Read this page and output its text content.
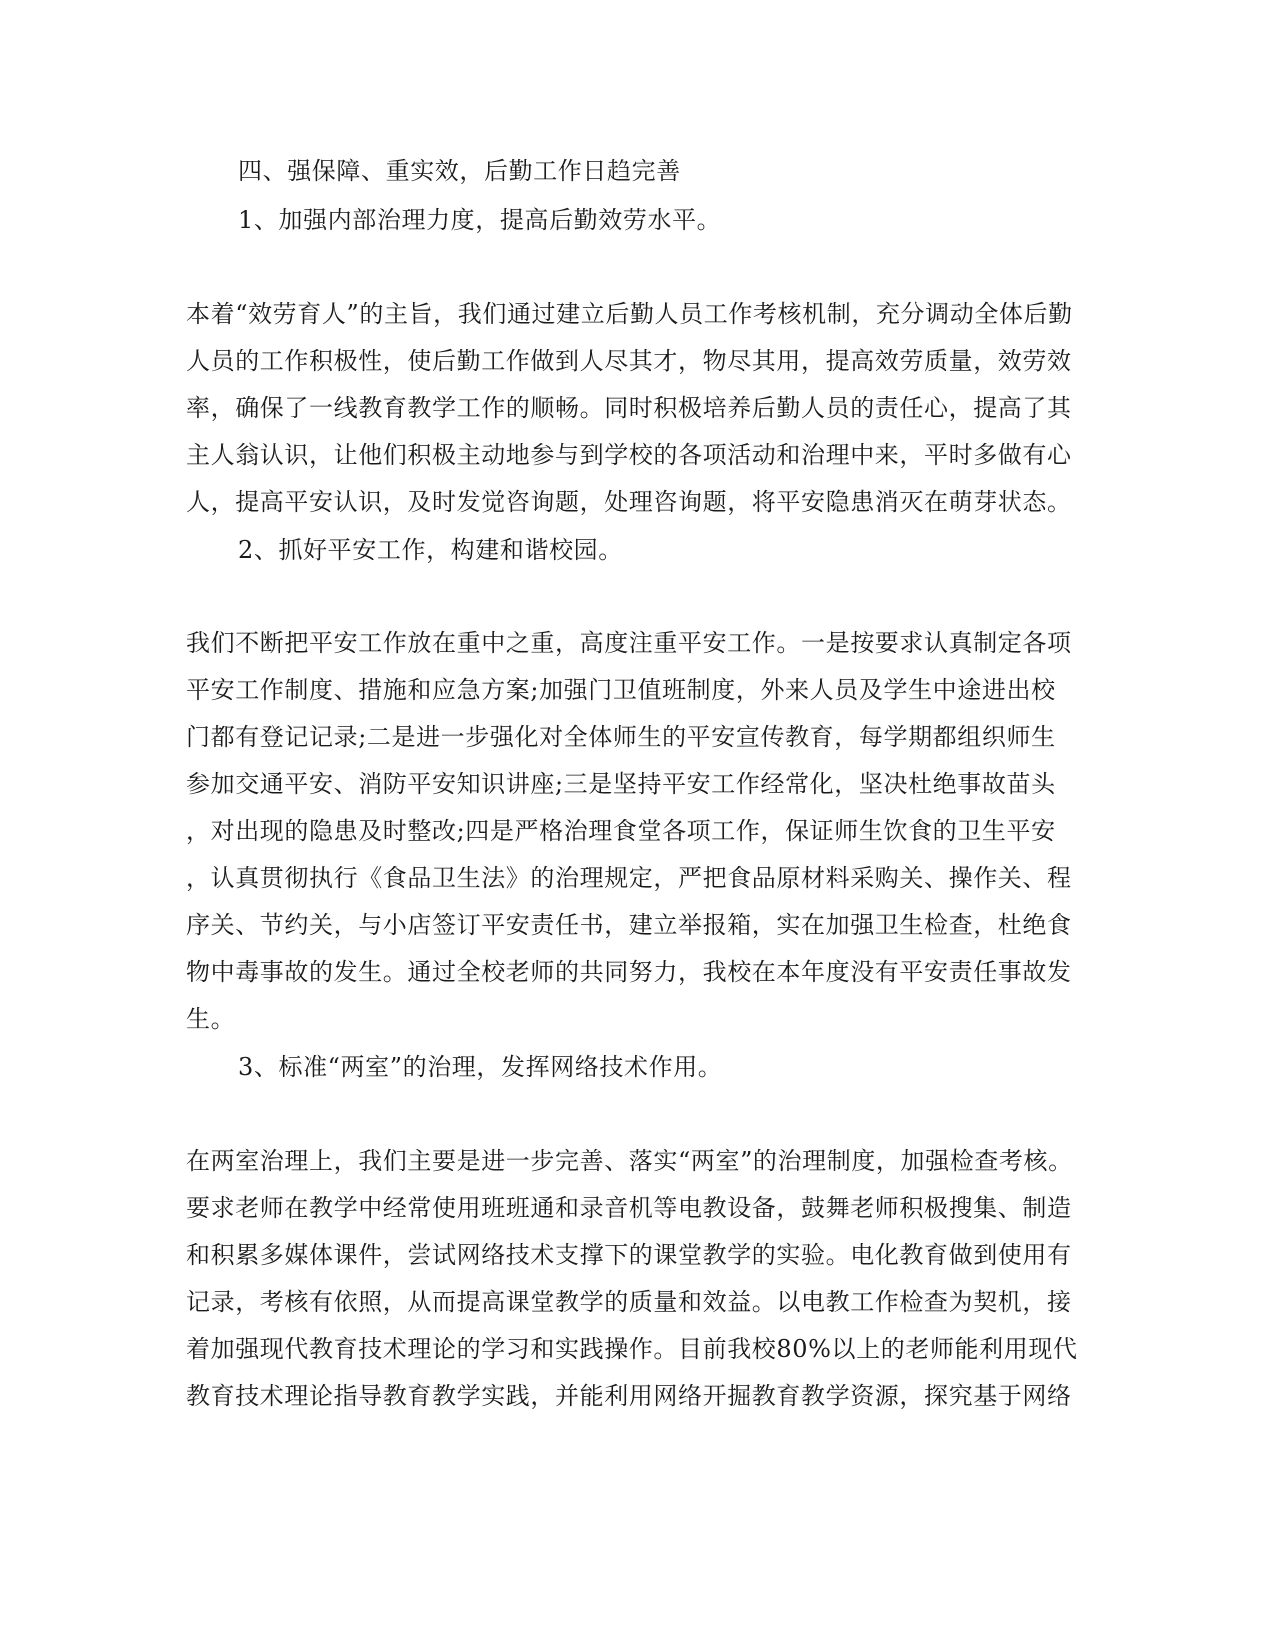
四、强保障、重实效，后勤工作日趋完善
1、加强内部治理力度，提高后勤效劳水平。
本着“效劳育人”的主旨，我们通过建立后勤人员工作考核机制，充分调动全体后勤
人员的工作积极性，使后勤工作做到人尽其才，物尽其用，提高效劳质量，效劳效
率，确保了一线教育教学工作的顺畅。同时积极培养后勤人员的责任心，提高了其
主人翁认识，让他们积极主动地参与到学校的各项活动和治理中来，平时多做有心
人，提高平安认识，及时发觉咨询题，处理咨询题，将平安隐患消灭在萌芽状态。
2、抓好平安工作，构建和谐校园。
我们不断把平安工作放在重中之重，高度注重平安工作。一是按要求认真制定各项
平安工作制度、措施和应急方案;加强门卫值班制度，外来人员及学生中途进出校
门都有登记记录;二是进一步强化对全体师生的平安宣传教育，每学期都组织师生
参加交通平安、消防平安知识讲座;三是坚持平安工作经常化，坚决杜绝事故苗头
，对出现的隐患及时整改;四是严格治理食堂各项工作，保证师生饮食的卫生平安
，认真贯彻执行《食品卫生法》的治理规定，严把食品原材料采购关、操作关、程
序关、节约关，与小店签订平安责任书，建立举报箱，实在加强卫生检查，杜绝食
物中毒事故的发生。通过全校老师的共同努力，我校在本年度没有平安责任事故发
生。
3、标准“两室”的治理，发挥网络技术作用。
在两室治理上，我们主要是进一步完善、落实“两室”的治理制度，加强检查考核。
要求老师在教学中经常使用班班通和录音机等电教设备，鼓舞老师积极搜集、制造
和积累多媒体课件，尝试网络技术支撑下的课堂教学的实验。电化教育做到使用有
记录，考核有依照，从而提高课堂教学的质量和效益。以电教工作检查为契机，接
着加强现代教育技术理论的学习和实践操作。目前我校80%以上的老师能利用现代
教育技术理论指导教育教学实践，并能利用网络开掘教育教学资源，探究基于网络
